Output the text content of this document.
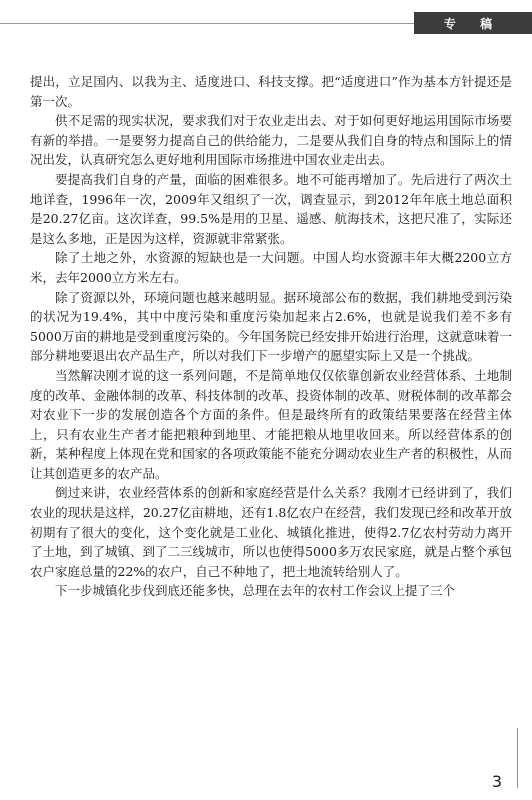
专 稿

提出，立足国内、以我为主、适度进口、科技支撑。把“适度进口”作为基本方针提还是第一次。

供不足需的现实状况，要求我们对于农业走出去、对于如何更好地运用国际市场要有新的举措。一是要努力提高自己的供给能力，二是要从我们自身的特点和国际上的情况出发，认真研究怎么更好地利用国际市场推进中国农业走出去。

要提高我们自身的产量，面临的困难很多。地不可能再增加了。先后进行了两次土地详查，1996年一次，2009年又组织了一次，调查显示，到2012年年底土地总面积是20.27亿亩。这次详查，99.5%是用的卫星、遥感、航海技术，这把尺准了，实际还是这么多地，正是因为这样，资源就非常紧张。

除了土地之外，水资源的短缺也是一大问题。中国人均水资源丰年大概2200立方米，去年2000立方米左右。

除了资源以外，环境问题也越来越明显。据环境部公布的数据，我们耕地受到污染的状况为19.4%，其中中度污染和重度污染加起来占2.6%，也就是说我们差不多有5000万亩的耕地是受到重度污染的。今年国务院已经安排开始进行治理，这就意味着一部分耕地要退出农产品生产，所以对我们下一步增产的愿望实际上又是一个挑战。

当然解决刚才说的这一系列问题，不是简单地仅仅依靠创新农业经营体系、土地制度的改革、金融体制的改革、科技体制的改革、投资体制的改革、财税体制的改革都会对农业下一步的发展创造各个方面的条件。但是最终所有的政策结果要落在经营主体上，只有农业生产者才能把粮种到地里、才能把粮从地里收回来。所以经营体系的创新，某种程度上体现在党和国家的各项政策能不能充分调动农业生产者的积极性，从而让其创造更多的农产品。

倒过来讲，农业经营体系的创新和家庭经营是什么关系？我刚才已经讲到了，我们农业的现状是这样，20.27亿亩耕地，还有1.8亿农户在经营，我们发现已经和改革开放初期有了很大的变化，这个变化就是工业化、城镇化推进，使得2.7亿农村劳动力离开了土地，到了城镇、到了二三线城市，所以也使得5000多万农民家庭，就是占整个承包农户家庭总量的22%的农户，自己不种地了，把土地流转给别人了。

下一步城镇化步伐到底还能多快，总理在去年的农村工作会议上提了三个

3
